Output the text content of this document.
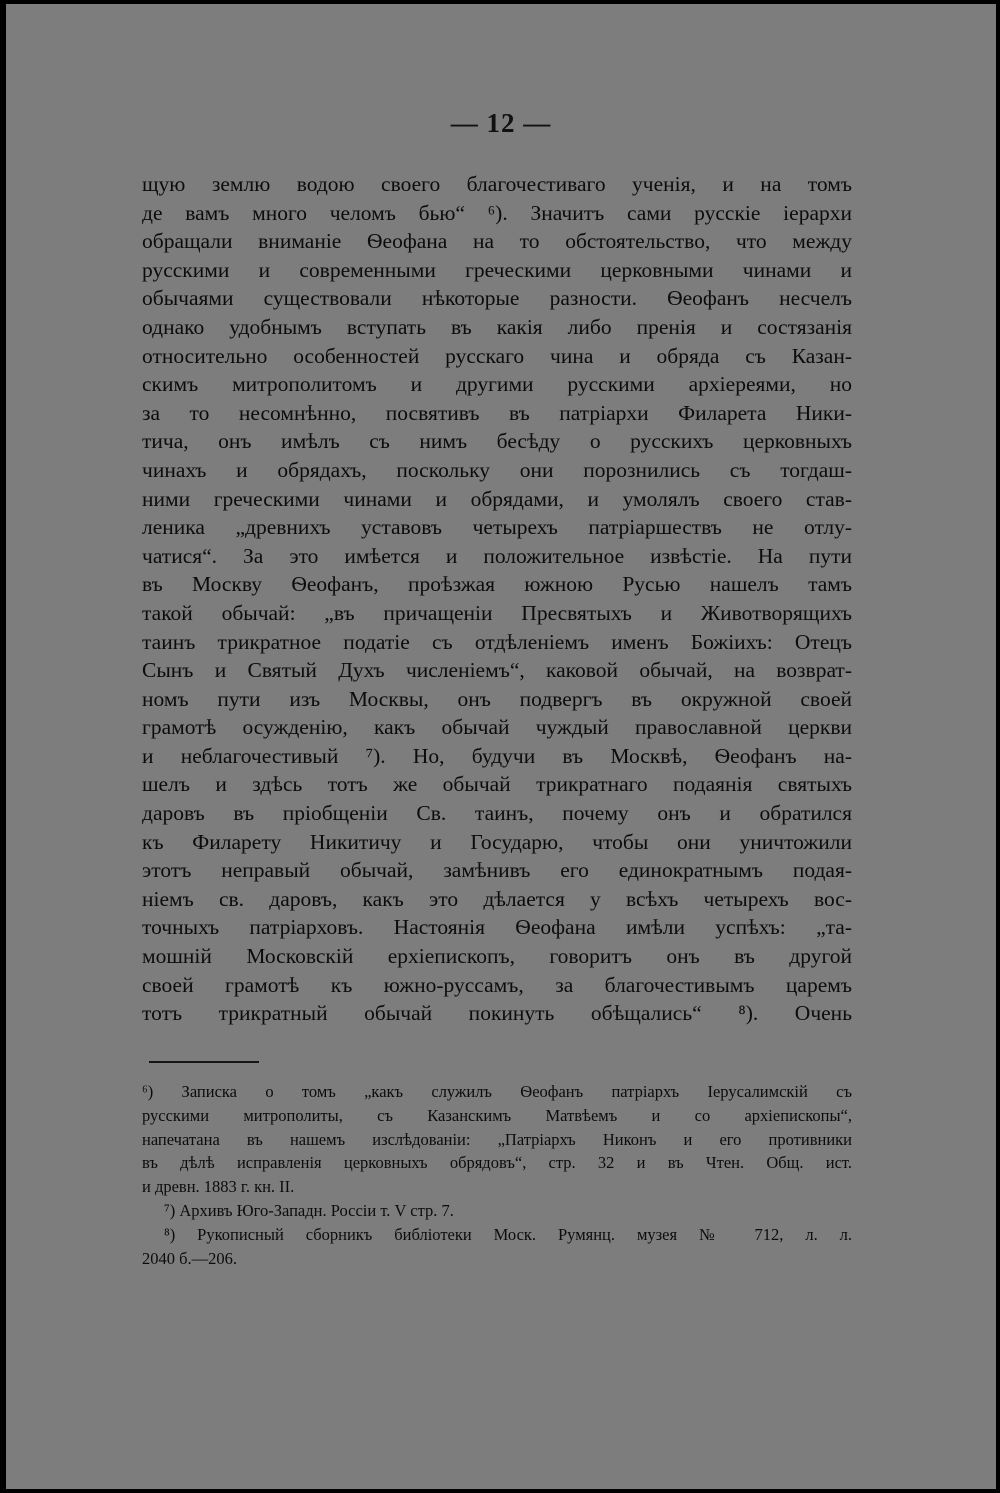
— 12 —
щую землю водою своего благочестиваго ученія, и на томъ
де вамъ много челомъ бью“ ⁶). Значитъ сами русскіе іерархи
обращали вниманіе Ѳеофана на то обстоятельство, что между
русскими и современными греческими церковными чинами и
обычаями существовали нѣкоторые разности. Ѳеофанъ несчелъ
однако удобнымъ вступать въ какія либо пренія и состязанія
относительно особенностей русскаго чина и обряда съ Казан-
скимъ митрополитомъ и другими русскими архіереями, но
за то несомнѣнно, посвятивъ въ патріархи Филарета Ники-
тича, онъ имѣлъ съ нимъ бесѣду о русскихъ церковныхъ
чинахъ и обрядахъ, поскольку они порознились съ тогдаш-
ними греческими чинами и обрядами, и умолялъ своего став-
леника „древнихъ уставовъ четырехъ патріаршествъ не отлу-
чатися“. За это имѣется и положительное извѣстіе. На пути
въ Москву Ѳеофанъ, проѣзжая южною Русью нашелъ тамъ
такой обычай: „въ причащеніи Пресвятыхъ и Животворящихъ
таинъ трикратное податіе съ отдѣленіемъ именъ Божіихъ: Отецъ
Сынъ и Святый Духъ численіемъ“, каковой обычай, на возврат-
номъ пути изъ Москвы, онъ подвергъ въ окружной своей
грамотѣ осужденію, какъ обычай чуждый православной церкви
и неблагочестивый ⁷). Но, будучи въ Москвѣ, Ѳеофанъ на-
шелъ и здѣсь тотъ же обычай трикратнаго подаянія святыхъ
даровъ въ пріобщеніи Св. таинъ, почему онъ и обратился
къ Филарету Никитичу и Государю, чтобы они уничтожили
этотъ неправый обычай, замѣнивъ его единократнымъ подая-
ніемъ св. даровъ, какъ это дѣлается у всѣхъ четырехъ вос-
точныхъ патріарховъ. Настоянія Ѳеофана имѣли успѣхъ: „та-
мошній Московскій ерхіепископъ, говоритъ онъ въ другой
своей грамотѣ къ южно-руссамъ, за благочестивымъ царемъ
тотъ трикратный обычай покинуть обѣщались“ ⁸). Очень
⁶) Записка о томъ „какъ служилъ Ѳеофанъ патріархъ Іерусалимскій съ
русскими митрополиты, съ Казанскимъ Матвѣемъ и со архіепископы“,
напечатана въ нашемъ изслѣдованіи: „Патріархъ Никонъ и его противники
въ дѣлѣ исправленія церковныхъ обрядовъ“, стр. 32 и въ Чтен. Общ. ист.
и древн. 1883 г. кн. II.
⁷) Архивъ Юго-Западн. Россіи т. V стр. 7.
⁸) Рукописный сборникъ библіотеки Моск. Румянц. музея № 712, л. л.
2040 б.—206.
